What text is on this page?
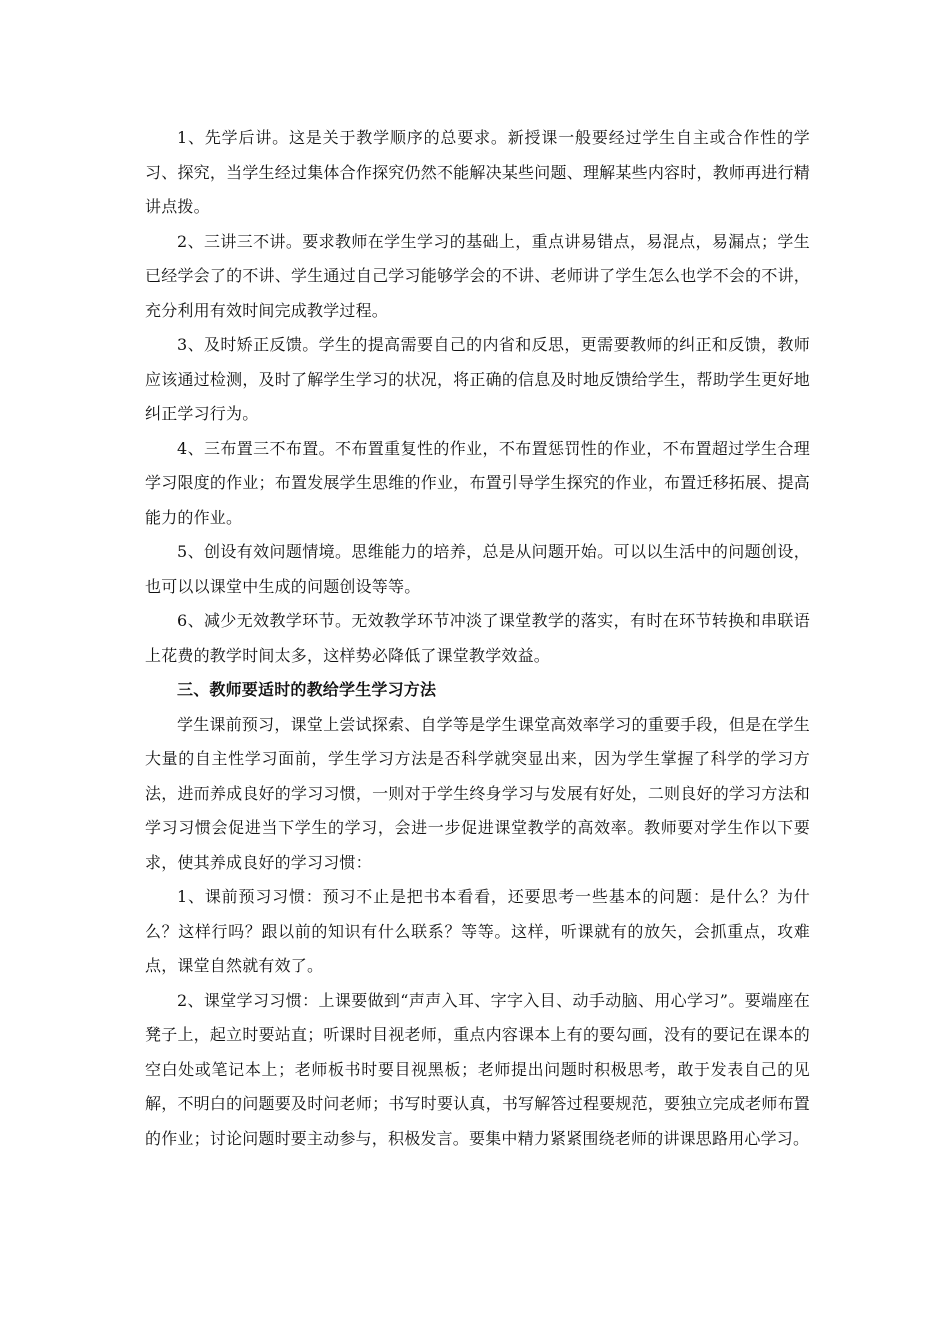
1、先学后讲。这是关于教学顺序的总要求。新授课一般要经过学生自主或合作性的学习、探究，当学生经过集体合作探究仍然不能解决某些问题、理解某些内容时，教师再进行精讲点拨。

2、三讲三不讲。要求教师在学生学习的基础上，重点讲易错点，易混点，易漏点；学生已经学会了的不讲、学生通过自己学习能够学会的不讲、老师讲了学生怎么也学不会的不讲，充分利用有效时间完成教学过程。

3、及时矫正反馈。学生的提高需要自己的内省和反思，更需要教师的纠正和反馈，教师应该通过检测，及时了解学生学习的状况，将正确的信息及时地反馈给学生，帮助学生更好地纠正学习行为。

4、三布置三不布置。不布置重复性的作业，不布置惩罚性的作业，不布置超过学生合理学习限度的作业；布置发展学生思维的作业，布置引导学生探究的作业，布置迁移拓展、提高能力的作业。

5、创设有效问题情境。思维能力的培养，总是从问题开始。可以以生活中的问题创设，也可以以课堂中生成的问题创设等等。

6、减少无效教学环节。无效教学环节冲淡了课堂教学的落实，有时在环节转换和串联语上花费的教学时间太多，这样势必降低了课堂教学效益。

三、教师要适时的教给学生学习方法

学生课前预习，课堂上尝试探索、自学等是学生课堂高效率学习的重要手段，但是在学生大量的自主性学习面前，学生学习方法是否科学就突显出来，因为学生掌握了科学的学习方法，进而养成良好的学习习惯，一则对于学生终身学习与发展有好处，二则良好的学习方法和学习习惯会促进当下学生的学习，会进一步促进课堂教学的高效率。教师要对学生作以下要求，使其养成良好的学习习惯：

1、课前预习习惯：预习不止是把书本看看，还要思考一些基本的问题：是什么？为什么？这样行吗？跟以前的知识有什么联系？等等。这样，听课就有的放矢，会抓重点，攻难点，课堂自然就有效了。

2、课堂学习习惯：上课要做到“声声入耳、字字入目、动手动脑、用心学习”。要端座在凳子上，起立时要站直；听课时目视老师，重点内容课本上有的要勾画，没有的要记在课本的空白处或笔记本上；老师板书时要目视黑板；老师提出问题时积极思考，敢于发表自己的见解，不明白的问题要及时问老师；书写时要认真，书写解答过程要规范，要独立完成老师布置的作业；讨论问题时要主动参与，积极发言。要集中精力紧紧围绕老师的讲课思路用心学习。
